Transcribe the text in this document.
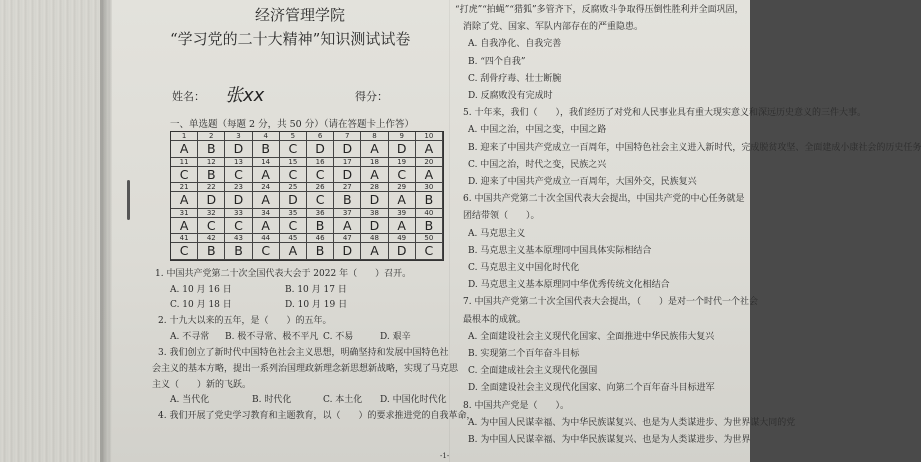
经济管理学院
“学习党的二十大精神”知识测试试卷
姓名： 张xx	得分：
一、单选题（每题 2 分，共 50 分）（请在答题卡上作答）
1	2	3	4	5	6	7	8	9	10
A	B	D	B	C	D	D	A	D	A
11	12	13	14	15	16	17	18	19	20
C	B	C	A	C	C	D	A	C	A
21	22	23	24	25	26	27	28	29	30
A	D	D	A	D	C	B	D	A	B
31	32	33	34	35	36	37	38	39	40
A	C	C	A	C	B	A	D	A	B
41	42	43	44	45	46	47	48	49	50
C	B	B	C	A	B	D	A	D	C
1. 中国共产党第二十次全国代表大会于 2022 年（　　）召开。
A. 10 月 16 日	B. 10 月 17 日
C. 10 月 18 日	D. 10 月 19 日
2. 十九大以来的五年，是（　　）的五年。
A. 不寻常 B. 极不寻常、极不平凡 C. 不易	D. 艰辛
3. 我们创立了新时代中国特色社会主义思想，明确坚持和发展中国特色社
会主义的基本方略，提出一系列治国理政新理念新思想新战略，实现了马克思
主义（　　）新的飞跃。
A. 当代化	B. 时代化	C. 本土化 D. 中国化时代化
4. 我们开展了党史学习教育和主题教育，以（　　）的要求推进党的自我革命，
“打虎”“拍蝇”“猎狐”多管齐下，反腐败斗争取得压倒性胜利并全面巩固，
消除了党、国家、军队内部存在的严重隐患。
A. 自我净化、自我完善
B. “四个自我”
C. 刮骨疗毒、壮士断腕
D. 反腐败没有完成时
5. 十年来，我们（　　），我们经历了对党和人民事业具有重大现实意义和深远历史意义的三件大事。
A. 中国之治，中国之变，中国之路
B. 迎来了中国共产党成立一百周年，中国特色社会主义进入新时代，完成脱贫攻坚、全面建成小康社会的历史任务
C. 中国之治，时代之变，民族之兴
D. 迎来了中国共产党成立一百周年，大国外交，民族复兴
6. 中国共产党第二十次全国代表大会提出，中国共产党的中心任务就是
团结带领（　　）。
A. 马克思主义
B. 马克思主义基本原理同中国具体实际相结合
C. 马克思主义中国化时代化
D. 马克思主义基本原理同中华优秀传统文化相结合
7. 中国共产党第二十次全国代表大会提出，（　　）是对一个时代一个社会
最根本的成就。
A. 全面建设社会主义现代化国家、全面推进中华民族伟大复兴
B. 实现第二个百年奋斗目标
C. 全面建成社会主义现代化强国
D. 全面建设社会主义现代化国家、向第二个百年奋斗目标进军
8. 中国共产党是（　　）。
A. 为中国人民谋幸福、为中华民族谋复兴、也是为人类谋进步、为世界谋大同的党
B. 为中国人民谋幸福、为中华民族谋复兴、也是为人类谋进步、为世界
-1-
